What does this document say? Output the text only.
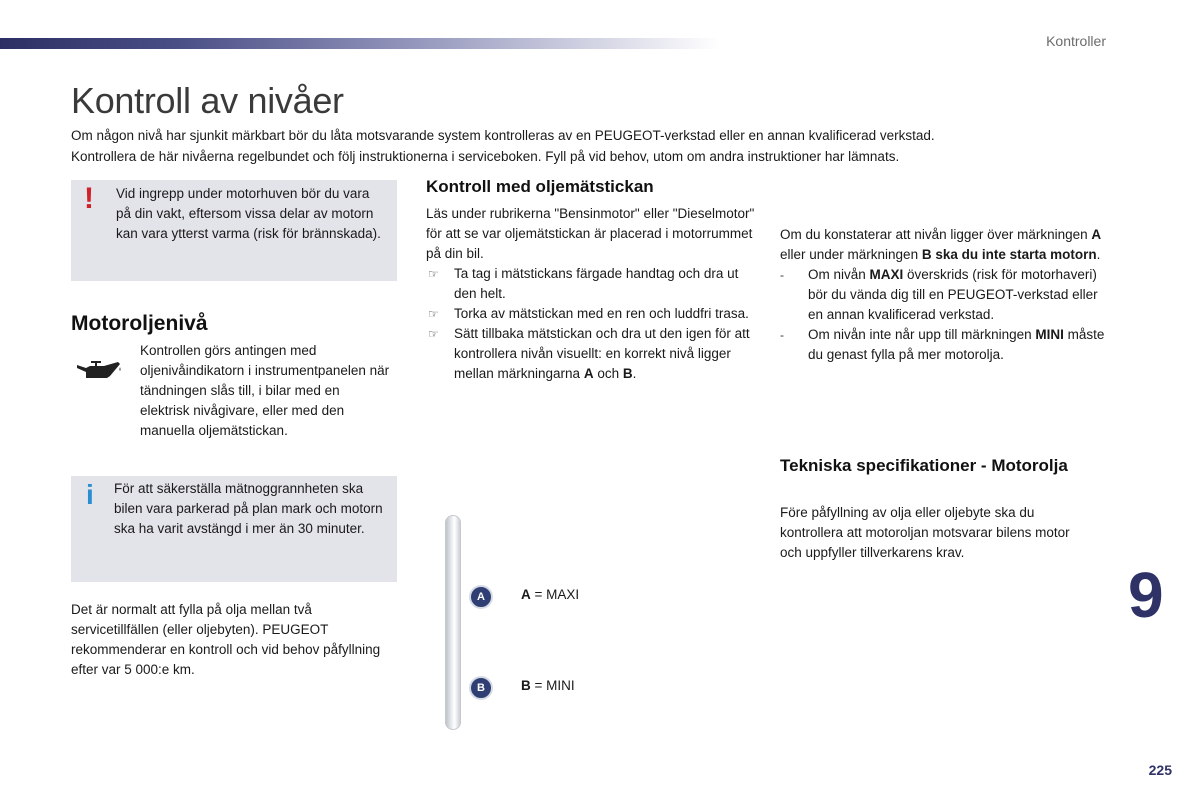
Kontroller
Kontroll av nivåer
Om någon nivå har sjunkit märkbart bör du låta motsvarande system kontrolleras av en PEUGEOT-verkstad eller en annan kvalificerad verkstad.
Kontrollera de här nivåerna regelbundet och följ instruktionerna i serviceboken. Fyll på vid behov, utom om andra instruktioner har lämnats.
! Vid ingrepp under motorhuven bör du vara på din vakt, eftersom vissa delar av motorn kan vara ytterst varma (risk för brännskada).
Motoroljenivå
Kontrollen görs antingen med oljenivåindikatorn i instrumentpanelen när tändningen slås till, i bilar med en elektrisk nivågivare, eller med den manuella oljemätstickan.
i För att säkerställa mätnoggrannheten ska bilen vara parkerad på plan mark och motorn ska ha varit avstängd i mer än 30 minuter.
Det är normalt att fylla på olja mellan två servicetillfällen (eller oljebyten). PEUGEOT rekommenderar en kontroll och vid behov påfyllning efter var 5 000:e km.
Kontroll med oljemätstickan
Läs under rubrikerna "Bensinmotor" eller "Dieselmotor" för att se var oljemätstickan är placerad i motorrummet på din bil.
☞ Ta tag i mätstickans färgade handtag och dra ut den helt.
☞ Torka av mätstickan med en ren och luddfri trasa.
☞ Sätt tillbaka mätstickan och dra ut den igen för att kontrollera nivån visuellt: en korrekt nivå ligger mellan märkningarna A och B.
A
B
A = MAXI
B = MINI
Om du konstaterar att nivån ligger över märkningen A eller under märkningen B ska du inte starta motorn.
- Om nivån MAXI överskrids (risk för motorhaveri) bör du vända dig till en PEUGEOT-verkstad eller en annan kvalificerad verkstad.
- Om nivån inte når upp till märkningen MINI måste du genast fylla på mer motorolja.
Tekniska specifikationer - Motorolja
Före påfyllning av olja eller oljebyte ska du kontrollera att motoroljan motsvarar bilens motor och uppfyller tillverkarens krav.
9
225
